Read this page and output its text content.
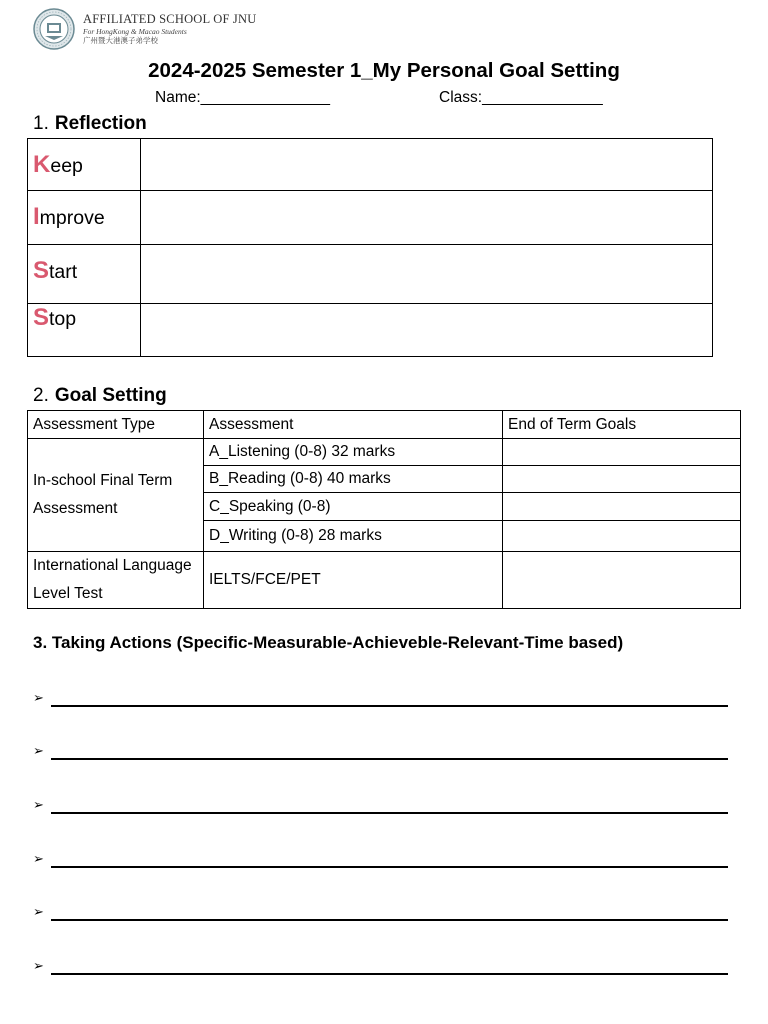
AFFILIATED SCHOOL OF JNU
For HongKong & Macao Students
广州暨大港澳子弟学校
2024-2025 Semester 1_My Personal Goal Setting
Name:_______________	Class:______________
1. Reflection
Keep	
Improve	
Start	
Stop	
2. Goal Setting
Assessment Type	Assessment	End of Term Goals
In-school Final Term Assessment	A_Listening (0-8) 32 marks	
	B_Reading (0-8) 40 marks	
	C_Speaking (0-8)	
	D_Writing (0-8) 28 marks	
International Language Level Test	IELTS/FCE/PET	
3. Taking Actions (Specific-Measurable-Achieveble-Relevant-Time based)
➢
➢
➢
➢
➢
➢
